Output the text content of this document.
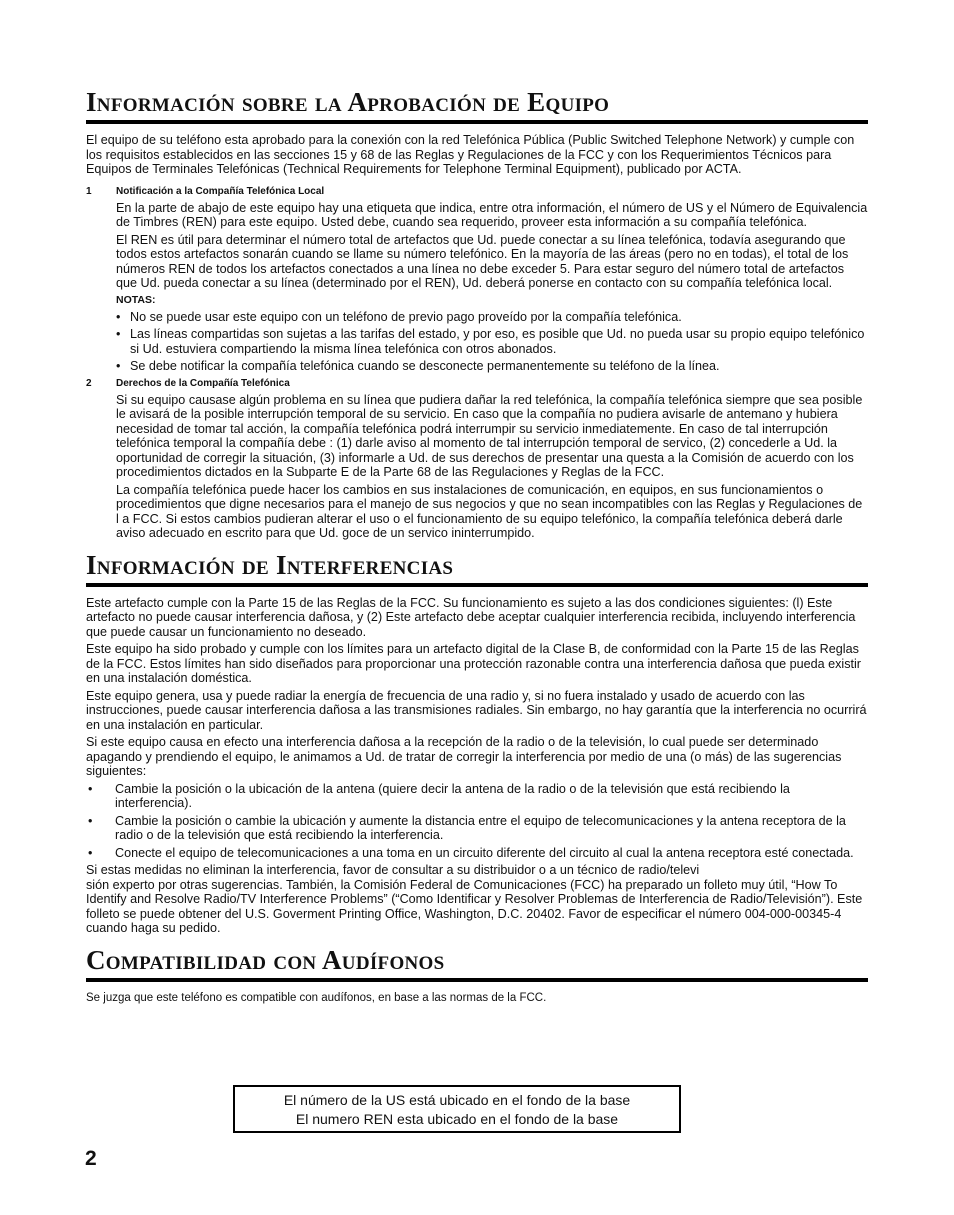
Información sobre la Aprobación de Equipo

El equipo de su teléfono esta aprobado para la conexión con la red Telefónica Pública (Public Switched Telephone Network) y cumple con los requisitos establecidos en las secciones 15 y 68 de las Reglas y Regulaciones de la FCC y con los Requerimientos Técnicos para Equipos de Terminales Telefónicas (Technical Requirements for Telephone Terminal Equipment), publicado por ACTA.

1	Notificación a la Compañía Telefónica Local

En la parte de abajo de este equipo hay una etiqueta que indica, entre otra información, el número de US y el Número de Equivalencia de Timbres (REN) para este equipo. Usted debe, cuando sea requerido, proveer esta información a su compañía telefónica.

El REN es útil para determinar el número total de artefactos que Ud. puede conectar a su línea telefónica, todavía asegurando que todos estos artefactos sonarán cuando se llame su número telefónico. En la mayoría de las áreas (pero no en todas), el total de los números REN de todos los artefactos conectados a una línea no debe exceder 5. Para estar seguro del número total de artefactos que Ud. pueda conectar a su línea (determinado por el REN), Ud. deberá ponerse en contacto con su compañía telefónica local.

NOTAS:
• No se puede usar este equipo con un teléfono de previo pago proveído por la compañía telefónica.
• Las líneas compartidas son sujetas a las tarifas del estado, y por eso, es posible que Ud. no pueda usar su propio equipo telefónico si Ud. estuviera compartiendo la misma línea telefónica con otros abonados.
• Se debe notificar la compañía telefónica cuando se desconecte permanentemente su teléfono de la línea.
2	Derechos de la Compañía Telefónica

Si su equipo causase algún problema en su línea que pudiera dañar la red telefónica, la compañía telefónica siempre que sea posible le avisará de la posible interrupción temporal de su servicio. En caso que la compañía no pudiera avisarle de antemano y hubiera necesidad de tomar tal acción, la compañía telefónica podrá interrumpir su servicio inmediatemente. En caso de tal interrupción telefónica temporal la compañía debe : (1) darle aviso al momento de tal interrupción temporal de servico, (2) concederle a Ud. la oportunidad de corregir la situación, (3) informarle a Ud. de sus derechos de presentar una questa a la Comisión de acuerdo con los procedimientos dictados en la Subparte E de la Parte 68 de las Regulaciones y Reglas de la FCC.

La compañía telefónica puede hacer los cambios en sus instalaciones de comunicación, en equipos, en sus funcionamientos o procedimientos que digne necesarios para el manejo de sus negocios y que no sean incompatibles con las Reglas y Regulaciones de l a FCC. Si estos cambios pudieran alterar el uso o el funcionamiento de su equipo telefónico, la compañía telefónica deberá darle aviso adecuado en escrito para que Ud. goce de un servico ininterrumpido.

Información de Interferencias

Este artefacto cumple con la Parte 15 de las Reglas de la FCC. Su funcionamiento es sujeto a las dos condiciones siguientes: (l) Este artefacto no puede causar interferencia dañosa, y (2) Este artefacto debe aceptar cualquier interferencia recibida, incluyendo interferencia que puede causar un funcionamiento no deseado.

Este equipo ha sido probado y cumple con los límites para un artefacto digital de la Clase B, de conformidad con la Parte 15 de las Reglas de la FCC. Estos límites han sido diseñados para proporcionar una protección razonable contra una interferencia dañosa que pueda existir en una instalación doméstica.

Este equipo genera, usa y puede radiar la energía de frecuencia de una radio y, si no fuera instalado y usado de acuerdo con las instrucciones, puede causar interferencia dañosa a las transmisiones radiales. Sin embargo, no hay garantía que la interferencia no ocurrirá en una instalación en particular.

Si este equipo causa en efecto una interferencia dañosa a la recepción de la radio o de la televisión, lo cual puede ser determinado apagando y prendiendo el equipo, le animamos a Ud. de tratar de corregir la interferencia por medio de una (o más) de las sugerencias siguientes:

• Cambie la posición o la ubicación de la antena (quiere decir la antena de la radio o de la televisión que está recibiendo la interferencia).
• Cambie la posición o cambie la ubicación y aumente la distancia entre el equipo de telecomunicaciones y la antena receptora de la radio o de la televisión que está recibiendo la interferencia.
• Conecte el equipo de telecomunicaciones a una toma en un circuito diferente del circuito al cual la antena receptora esté conectada.

Si estas medidas no eliminan la interferencia, favor de consultar a su distribuidor o a un técnico de radio/televi

sión experto por otras sugerencias. También, la Comisión Federal de Comunicaciones (FCC) ha preparado un folleto muy útil, “How To Identify and Resolve Radio/TV Interference Problems” (“Como Identificar y Resolver Problemas de Interferencia de Radio/Televisión”). Este folleto se puede obtener del U.S. Goverment Printing Office, Washington, D.C. 20402. Favor de especificar el número 004-000-00345-4 cuando haga su pedido.

Compatibilidad con Audífonos

Se juzga que este teléfono es compatible con audífonos, en base a las normas de la FCC.

El número de la US está ubicado en el fondo de la base
El numero REN esta ubicado en el fondo de la base
2
